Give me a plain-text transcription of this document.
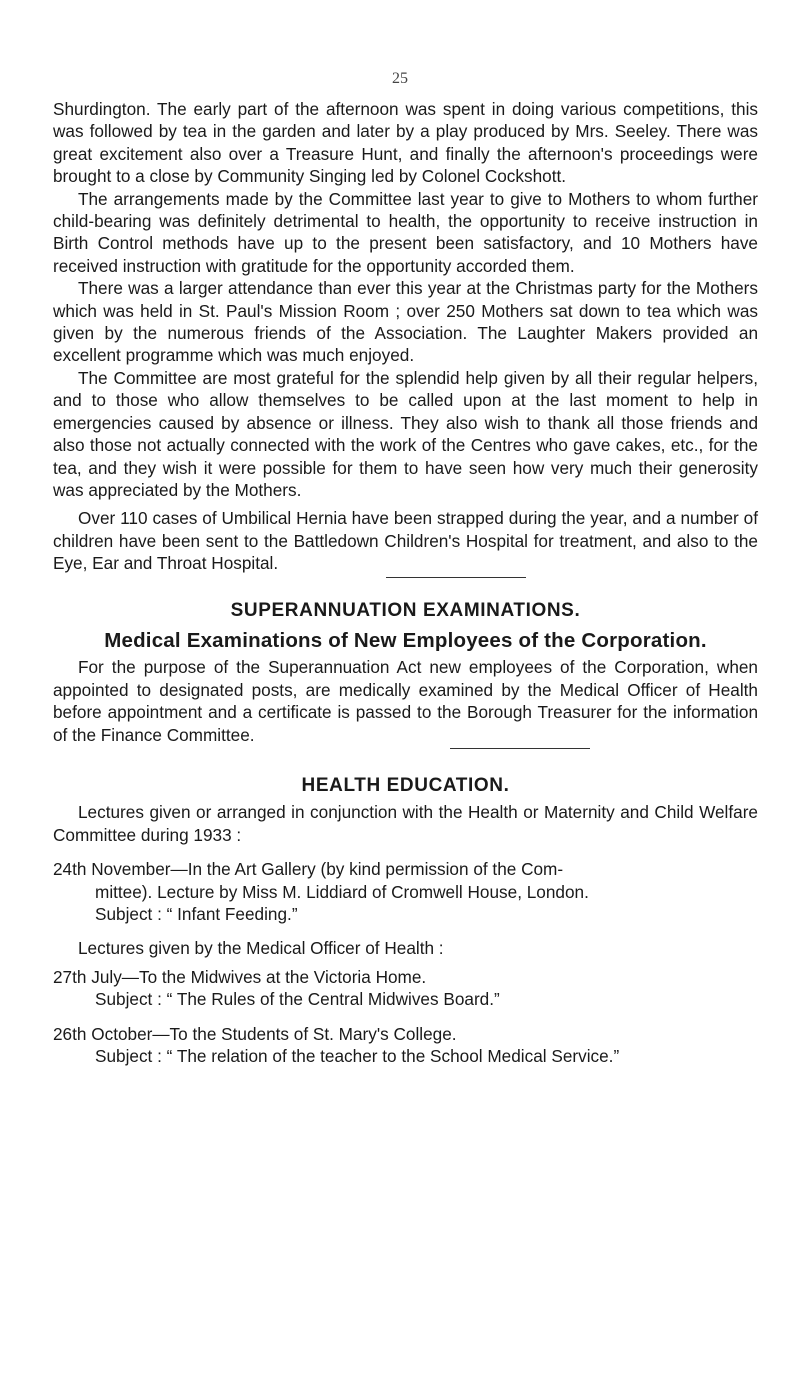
25

Shurdington. The early part of the afternoon was spent in doing various competitions, this was followed by tea in the garden and later by a play produced by Mrs. Seeley. There was great excitement also over a Treasure Hunt, and finally the afternoon's proceedings were brought to a close by Community Singing led by Colonel Cockshott.

The arrangements made by the Committee last year to give to Mothers to whom further child-bearing was definitely detrimental to health, the opportunity to receive instruction in Birth Control methods have up to the present been satisfactory, and 10 Mothers have received instruction with gratitude for the opportunity accorded them.

There was a larger attendance than ever this year at the Christmas party for the Mothers which was held in St. Paul's Mission Room ; over 250 Mothers sat down to tea which was given by the numerous friends of the Association. The Laughter Makers provided an excellent programme which was much enjoyed.

The Committee are most grateful for the splendid help given by all their regular helpers, and to those who allow themselves to be called upon at the last moment to help in emergencies caused by absence or illness. They also wish to thank all those friends and also those not actually connected with the work of the Centres who gave cakes, etc., for the tea, and they wish it were possible for them to have seen how very much their generosity was appreciated by the Mothers.

Over 110 cases of Umbilical Hernia have been strapped during the year, and a number of children have been sent to the Battledown Children's Hospital for treatment, and also to the Eye, Ear and Throat Hospital.

SUPERANNUATION EXAMINATIONS.

Medical Examinations of New Employees of the Corporation.

For the purpose of the Superannuation Act new employees of the Corporation, when appointed to designated posts, are medically examined by the Medical Officer of Health before appointment and a certificate is passed to the Borough Treasurer for the information of the Finance Committee.

HEALTH EDUCATION.

Lectures given or arranged in conjunction with the Health or Maternity and Child Welfare Committee during 1933 :

24th November—In the Art Gallery (by kind permission of the Com-

mittee). Lecture by Miss M. Liddiard of Cromwell House, London.

Subject : “ Infant Feeding.”

Lectures given by the Medical Officer of Health :

27th July—To the Midwives at the Victoria Home.

Subject : “ The Rules of the Central Midwives Board.”

26th October—To the Students of St. Mary's College.

Subject : “ The relation of the teacher to the School Medical Service.”
